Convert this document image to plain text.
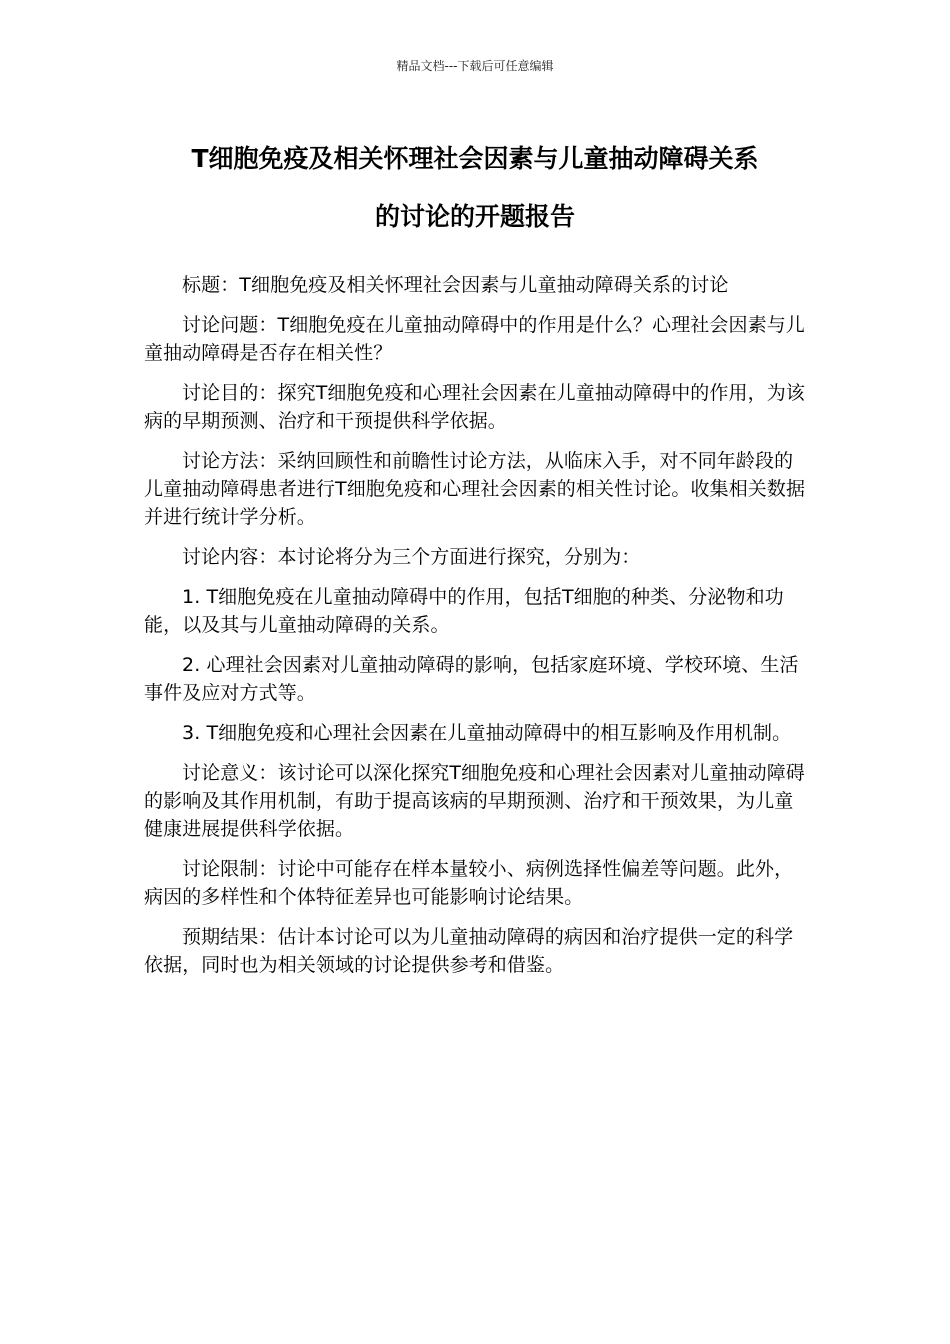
精品文档---下载后可任意编辑
T细胞免疫及相关怀理社会因素与儿童抽动障碍关系
的讨论的开题报告

标题：T细胞免疫及相关怀理社会因素与儿童抽动障碍关系的讨论

讨论问题：T细胞免疫在儿童抽动障碍中的作用是什么？心理社会因素与儿童抽动障碍是否存在相关性？

讨论目的：探究T细胞免疫和心理社会因素在儿童抽动障碍中的作用，为该病的早期预测、治疗和干预提供科学依据。

讨论方法：采纳回顾性和前瞻性讨论方法，从临床入手，对不同年龄段的儿童抽动障碍患者进行T细胞免疫和心理社会因素的相关性讨论。收集相关数据并进行统计学分析。

讨论内容：本讨论将分为三个方面进行探究，分别为：

1. T细胞免疫在儿童抽动障碍中的作用，包括T细胞的种类、分泌物和功能，以及其与儿童抽动障碍的关系。

2. 心理社会因素对儿童抽动障碍的影响，包括家庭环境、学校环境、生活事件及应对方式等。

3. T细胞免疫和心理社会因素在儿童抽动障碍中的相互影响及作用机制。

讨论意义：该讨论可以深化探究T细胞免疫和心理社会因素对儿童抽动障碍的影响及其作用机制，有助于提高该病的早期预测、治疗和干预效果，为儿童健康进展提供科学依据。

讨论限制：讨论中可能存在样本量较小、病例选择性偏差等问题。此外，病因的多样性和个体特征差异也可能影响讨论结果。

预期结果：估计本讨论可以为儿童抽动障碍的病因和治疗提供一定的科学依据，同时也为相关领域的讨论提供参考和借鉴。
